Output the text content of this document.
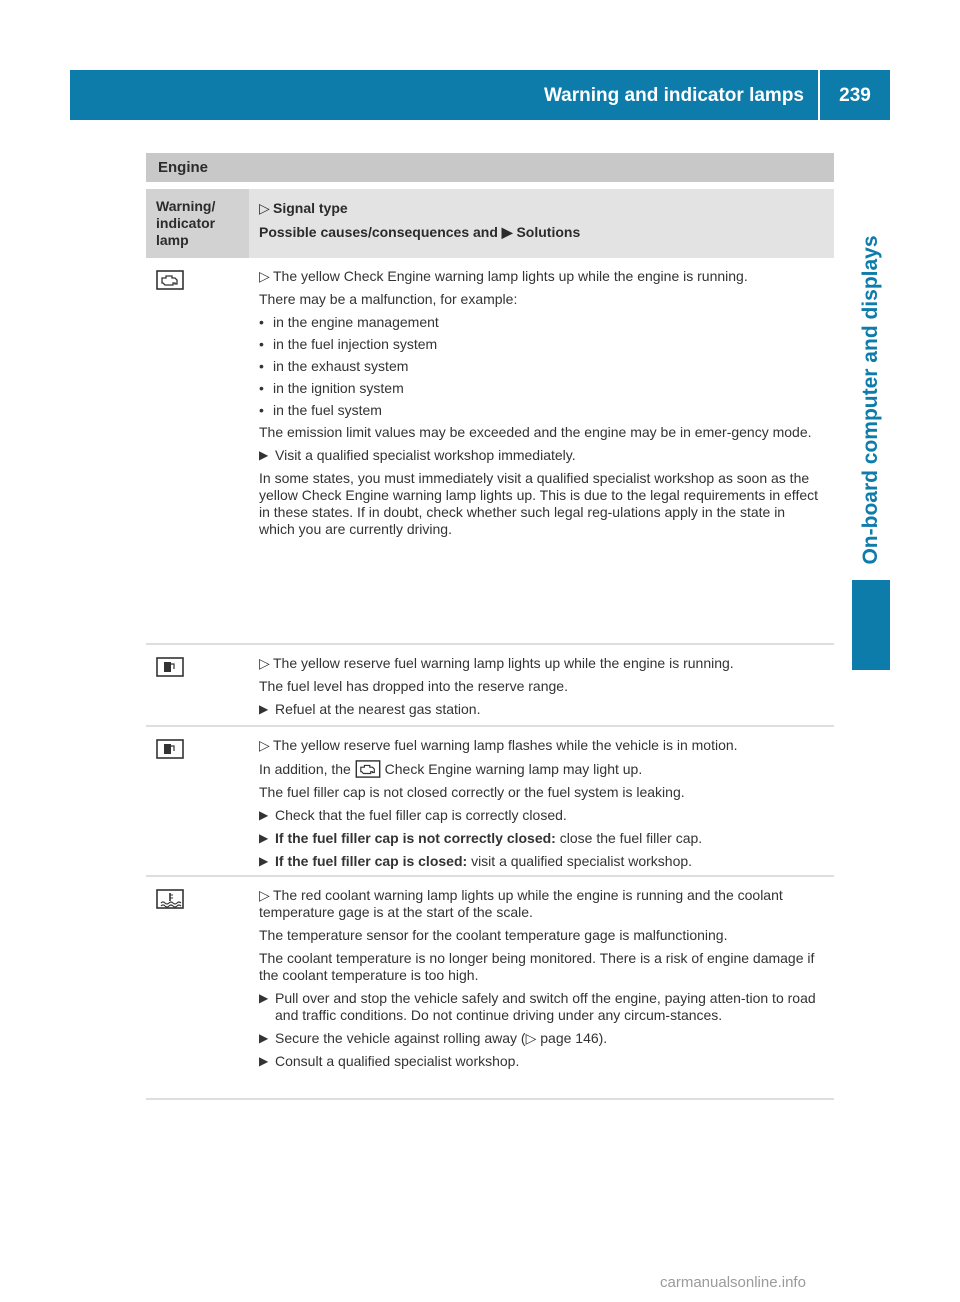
Warning and indicator lamps	239
On-board computer and displays
Engine
Warning/ indicator lamp
▷ Signal type
Possible causes/consequences and ▶ Solutions

▷ The yellow Check Engine warning lamp lights up while the engine is running.

There may be a malfunction, for example:

• in the engine management
• in the fuel injection system
• in the exhaust system
• in the ignition system
• in the fuel system

The emission limit values may be exceeded and the engine may be in emer-gency mode.

▶ Visit a qualified specialist workshop immediately.

In some states, you must immediately visit a qualified specialist workshop as soon as the yellow Check Engine warning lamp lights up. This is due to the legal requirements in effect in these states. If in doubt, check whether such legal reg-ulations apply in the state in which you are currently driving.

▷ The yellow reserve fuel warning lamp lights up while the engine is running.

The fuel level has dropped into the reserve range.

▶ Refuel at the nearest gas station.

▷ The yellow reserve fuel warning lamp flashes while the vehicle is in motion.

In addition, the Check Engine warning lamp may light up.

The fuel filler cap is not closed correctly or the fuel system is leaking.

▶ Check that the fuel filler cap is correctly closed.
▶ If the fuel filler cap is not correctly closed: close the fuel filler cap.
▶ If the fuel filler cap is closed: visit a qualified specialist workshop.

▷ The red coolant warning lamp lights up while the engine is running and the coolant temperature gage is at the start of the scale.

The temperature sensor for the coolant temperature gage is malfunctioning.

The coolant temperature is no longer being monitored. There is a risk of engine damage if the coolant temperature is too high.

▶ Pull over and stop the vehicle safely and switch off the engine, paying atten-tion to road and traffic conditions. Do not continue driving under any circum-stances.
▶ Secure the vehicle against rolling away (▷ page 146).
▶ Consult a qualified specialist workshop.
carmanualsonline.info
